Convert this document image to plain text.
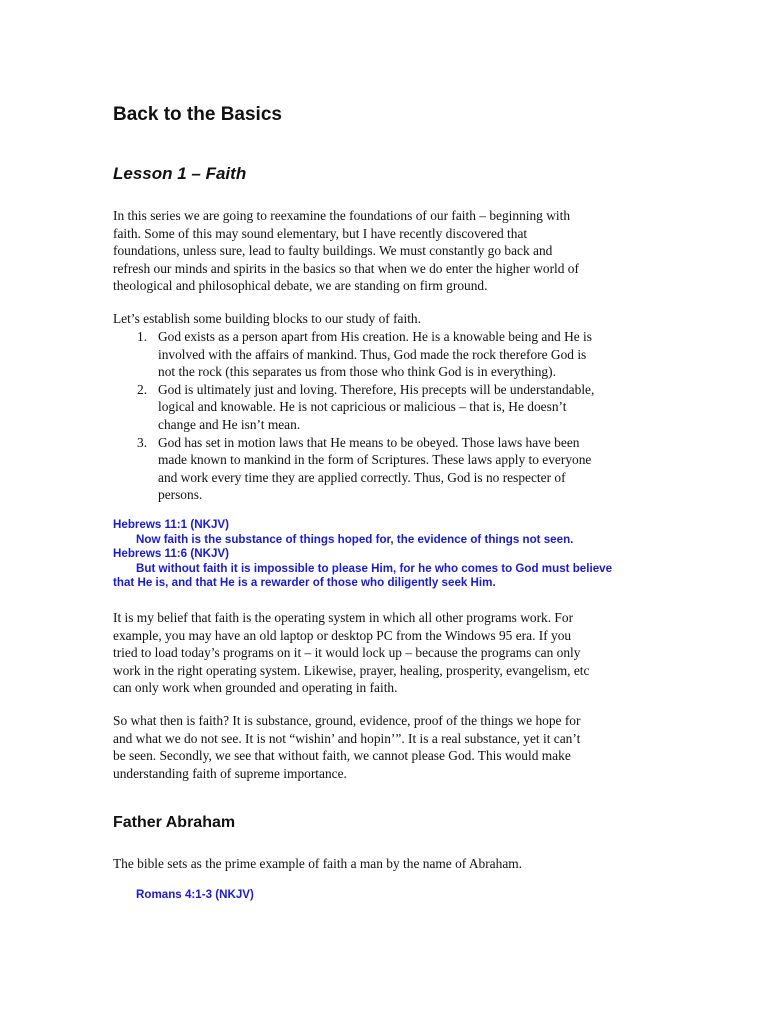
Back to the Basics
Lesson 1 – Faith
In this series we are going to reexamine the foundations of our faith – beginning with
faith. Some of this may sound elementary, but I have recently discovered that
foundations, unless sure, lead to faulty buildings. We must constantly go back and
refresh our minds and spirits in the basics so that when we do enter the higher world of
theological and philosophical debate, we are standing on firm ground.
Let’s establish some building blocks to our study of faith.
1. God exists as a person apart from His creation. He is a knowable being and He is
involved with the affairs of mankind. Thus, God made the rock therefore God is
not the rock (this separates us from those who think God is in everything).
2. God is ultimately just and loving. Therefore, His precepts will be understandable,
logical and knowable. He is not capricious or malicious – that is, He doesn’t
change and He isn’t mean.
3. God has set in motion laws that He means to be obeyed. Those laws have been
made known to mankind in the form of Scriptures. These laws apply to everyone
and work every time they are applied correctly. Thus, God is no respecter of
persons.
Hebrews 11:1 (NKJV)
Now faith is the substance of things hoped for, the evidence of things not seen.
Hebrews 11:6 (NKJV)
But without faith it is impossible to please Him, for he who comes to God must believe
that He is, and that He is a rewarder of those who diligently seek Him.
It is my belief that faith is the operating system in which all other programs work. For
example, you may have an old laptop or desktop PC from the Windows 95 era. If you
tried to load today’s programs on it – it would lock up – because the programs can only
work in the right operating system. Likewise, prayer, healing, prosperity, evangelism, etc
can only work when grounded and operating in faith.
So what then is faith? It is substance, ground, evidence, proof of the things we hope for
and what we do not see. It is not “wishin’ and hopin’”. It is a real substance, yet it can’t
be seen. Secondly, we see that without faith, we cannot please God. This would make
understanding faith of supreme importance.
Father Abraham
The bible sets as the prime example of faith a man by the name of Abraham.
Romans 4:1-3 (NKJV)
